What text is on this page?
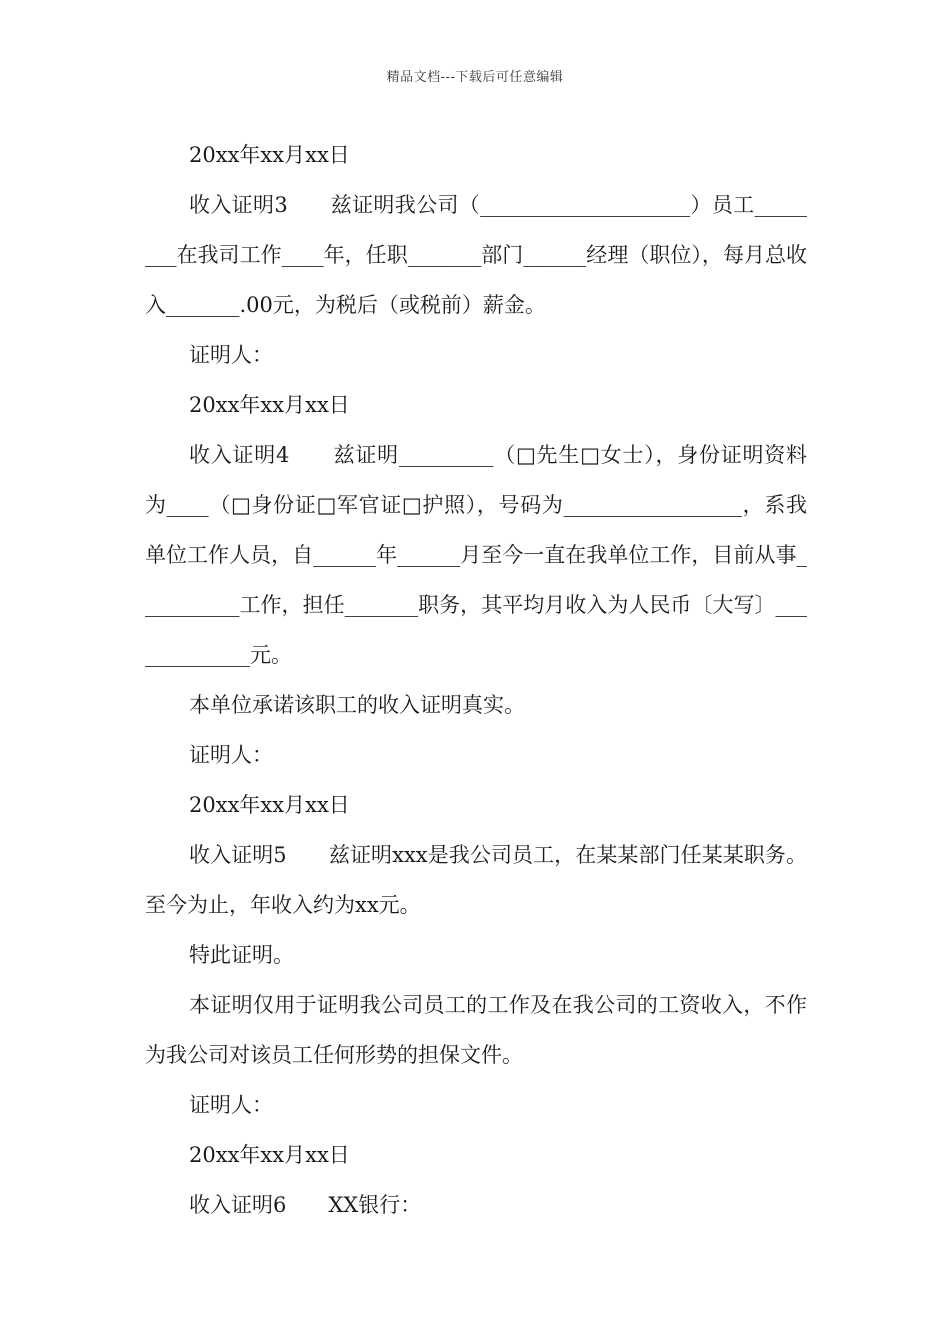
精品文档---下载后可任意编辑

20xx年xx月xx日

收入证明3　　兹证明我公司（____________________）员工________在我司工作____年，任职_______部门______经理（职位），每月总收入_______.00元，为税后（或税前）薪金。

证明人：

20xx年xx月xx日

收入证明4　　兹证明_________（□先生□女士），身份证明资料为____（□身份证□军官证□护照），号码为_________________，系我单位工作人员，自______年______月至今一直在我单位工作，目前从事__________工作，担任_______职务，其平均月收入为人民币〔大写〕_____________元。

本单位承诺该职工的收入证明真实。

证明人：

20xx年xx月xx日

收入证明5　　兹证明xxx是我公司员工，在某某部门任某某职务。至今为止，年收入约为xx元。

特此证明。

本证明仅用于证明我公司员工的工作及在我公司的工资收入，不作为我公司对该员工任何形势的担保文件。

证明人：

20xx年xx月xx日

收入证明6　　XX银行：
